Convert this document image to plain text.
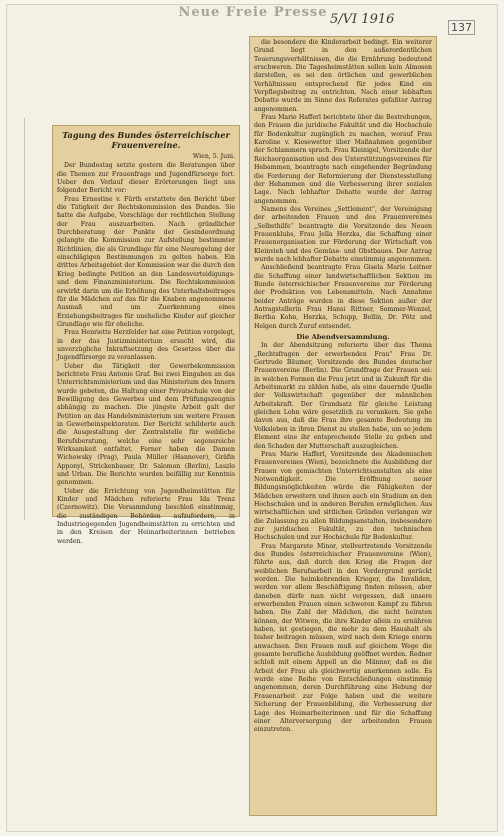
Neue Freie Presse 5/VI 1916
137
Tagung des Bundes österreichischer Frauenvereine.
Wien, 5. Juni.

Der Bundestag setzte gestern die Beratungen über die Themen zur Frauenfrage und Jugendfürsorge fort. Ueber den Verlauf dieser Erörterungen liegt uns folgender Bericht vor:

Frau Ernestine v. Fürth erstattete den Bericht über die Tätigkeit der Rechtskommission des Bundes. Sie hatte die Aufgabe, Vorschläge der rechtlichen Stellung der Frau auszuarbeiten. Nach gründlicher Durchberatung der Punkte der Gesindeordnung gelangte die Kommission zur Aufstellung bestimmter Richtlinien, die als Grundlage für eine Neuregelung der einschlägigen Bestimmungen zu gelten haben. Ein drittes Arbeitsgebiet der Kommission war die durch den Krieg bedingte Petition an den Landesverteidigungs- und dem Finanzministerium. Die Rechtskommission erwirkt darin um die Erhöhung des Unterhaltsbeitrages für die Mädchen auf das für die Knaben angenommene Ausmaß und um Zuerkennung eines Erziehungsbeitrages für uneheliche Kinder auf gleicher Grundlage wie für eheliche.

Frau Henriette Herzfelder hat eine Petition vorgelegt, in der das Justizministerium ersucht wird, die unverzügliche Inkraftsetzung des Gesetzes über die Jugendfürsorge zu veranlassen.

Ueber die Tätigkeit der Gewerbekommission berichtete Frau Antonie Graf. Bei zwei Eingaben an das Unterrichtsministerium und das Ministerium des Innern wurde gebeten, die Haltung einer Privatschule von der Bewilligung des Gewerbes und dem Prüfungszeugnis abhängig zu machen. Die jüngste Arbeit galt der Petition an das Handelsministerium um weitere Frauen in Gewerbeinspektoraten. Der Bericht schilderte auch die Ausgestaltung der Zentralstelle für weibliche Berufsberatung, welche eine sehr segensreiche Wirksamkeit entfaltet. Ferner haben die Damen Wichowsky (Prag), Paula Müller (Hannover), Gräfin Apponyi, Strickenbauer, Dr. Salomon (Berlin), Laszlo und Urban. Die Berichte wurden beifällig zur Kenntnis genommen.

Ueber die Errichtung von Jugendheimstätten für Kinder und Mädchen referierte Frau Ida Trenz (Czernowitz). Die Versammlung beschloß einstimmig, die zuständigen Behörden aufzufordern, in Industriegegenden Jugendheimstätten zu errichten und in den Kreisen der Heimarbeiterinnen betrieben werden.

die besondere die Kinderarbeit bedingt. Ein weiterer Grund liegt in den außerordentlichen Teuerungsverhältnissen, die die Ernährung bedeutend erschweren. Die Tagesheimstätten sollen kein Almosen darstellen, es sei den örtlichen und gewerblichen Verhältnissen entsprechend für jedes Kind ein Verpflegsbeitrag zu entrichten. Nach einer lebhaften Debatte wurde im Sinne des Referates gefaßter Antrag angenommen.

Frau Marie Hafferl berichtete über die Bestrebungen, den Frauen die juridische Fakultät und die Hochschule für Bodenkultur zugänglich zu machen, worauf Frau Karoline v. Kiesewetter über Maßnahmen gegenüber der Schlammern sprach. Frau Kleinigel, Vorsitzende der Reichsorganisation und des Unterstützungsvereines für Hebammen, beantragte nach eingehender Begründung die Forderung der Reformierung der Dienstesstellung der Hebammen und die Verbesserung ihrer sozialen Lage. Nach lebhafter Debatte wurde der Antrag angenommen.

Namens des Vereines „Settlement“, der Vereinigung der arbeitenden Frauen und des Frauenvereines „Selbsthilfe“ beantragte die Vorsitzende des Neuen Frauenklubs, Frau Jella Herzka, die Schaffung einer Frauenorganisation zur Förderung der Wirtschaft von Kleinvieh und des Gemüse- und Obstbaues. Der Antrag wurde nach lebhafter Debatte einstimmig angenommen.

Anschließend beantragte Frau Gisela Marie Leitner die Schaffung einer landwirtschaftlichen Sektion im Bunde österreichischer Frauenvereine zur Förderung der Produktion von Lebensmitteln. Nach Annahme beider Anträge wurden in diese Sektion außer der Antragstellerin Frau Hansi Rittner, Sommer-Wenzel, Bertha Kohn, Herzka, Schupp, Bellin, Dr. Pötz und Helgen durch Zuruf entsendet.

Die Abendversammlung.

In der Abendsitzung referierte über das Thema „Rechtsfragen der erwerbenden Frau“ Frau Dr. Gertrude Bäumer, Vorsitzende des Bundes deutscher Frauenvereine (Berlin). Die Grundfrage der Frauen sei: in welchen Formen die Frau jetzt und in Zukunft für die Arbeitsmarkt zu zählen habe, als eine dauernde Quelle der Volkswirtschaft gegenüber der männlichen Arbeitskraft. Der Grundsatz für gleiche Leistung gleichen Lohn wäre gesetzlich zu verankern. Sie gehe davon aus, daß die Frau ihre gesamte Bedeutung im Volksleben in ihren Dienst zu stellen habe, um so jedem Element eine ihr entsprechende Stelle zu geben und den Schaden der Mutterschaft auszugleichen.

Frau Marie Hafferl, Vorsitzende des Akademischen Frauenvereines (Wien), bezeichnete die Ausbildung der Frauen von gemischten Unterrichtsanstalten als eine Notwendigkeit. Die Eröffnung neuer Bildungsmöglichkeiten würde die Fähigkeiten der Mädchen erweitern und ihnen auch ein Studium an den Hochschulen und in anderen Berufen ermöglichen. Aus wirtschaftlichen und sittlichen Gründen verlangen wir die Zulassung zu allen Bildungsanstalten, insbesondere zur juridischen Fakultät, zu den technischen Hochschulen und zur Hochschule für Bodenkultur.

Frau Margarete Minor, stellvertretende Vorsitzende des Bundes österreichischer Frauenvereine (Wien), führte aus, daß durch den Krieg die Fragen der weiblichen Berufsarbeit in den Vordergrund gerückt worden. Die heimkehrenden Krieger, die Invaliden, werden vor allem Beschäftigung finden müssen, aber daneben dürfe man nicht vergessen, daß unsere erwerbenden Frauen einen schweren Kampf zu führen haben. Die Zahl der Mädchen, die nicht heiraten können, der Witwen, die ihre Kinder allein zu ernähren haben, ist gestiegen, die mehr zu dem Haushalt als bisher beitragen müssen, wird nach dem Kriege enorm anwachsen. Den Frauen muß auf gleichem Wege die gesamte berufliche Ausbildung geöffnet werden. Redner schloß mit einem Appell an die Männer, daß es die Arbeit der Frau als gleichwertig anerkennen solle. Es wurde eine Reihe von Entschließungen einstimmig angenommen, deren Durchführung eine Hebung der Frauenarbeit zur Folge haben und die weitere Sicherung der Frauenbildung, die Verbesserung der Lage des Heimarbeiterinnen und für die Schaffung einer Alterversorgung der arbeitenden Frauen einzutreten.
